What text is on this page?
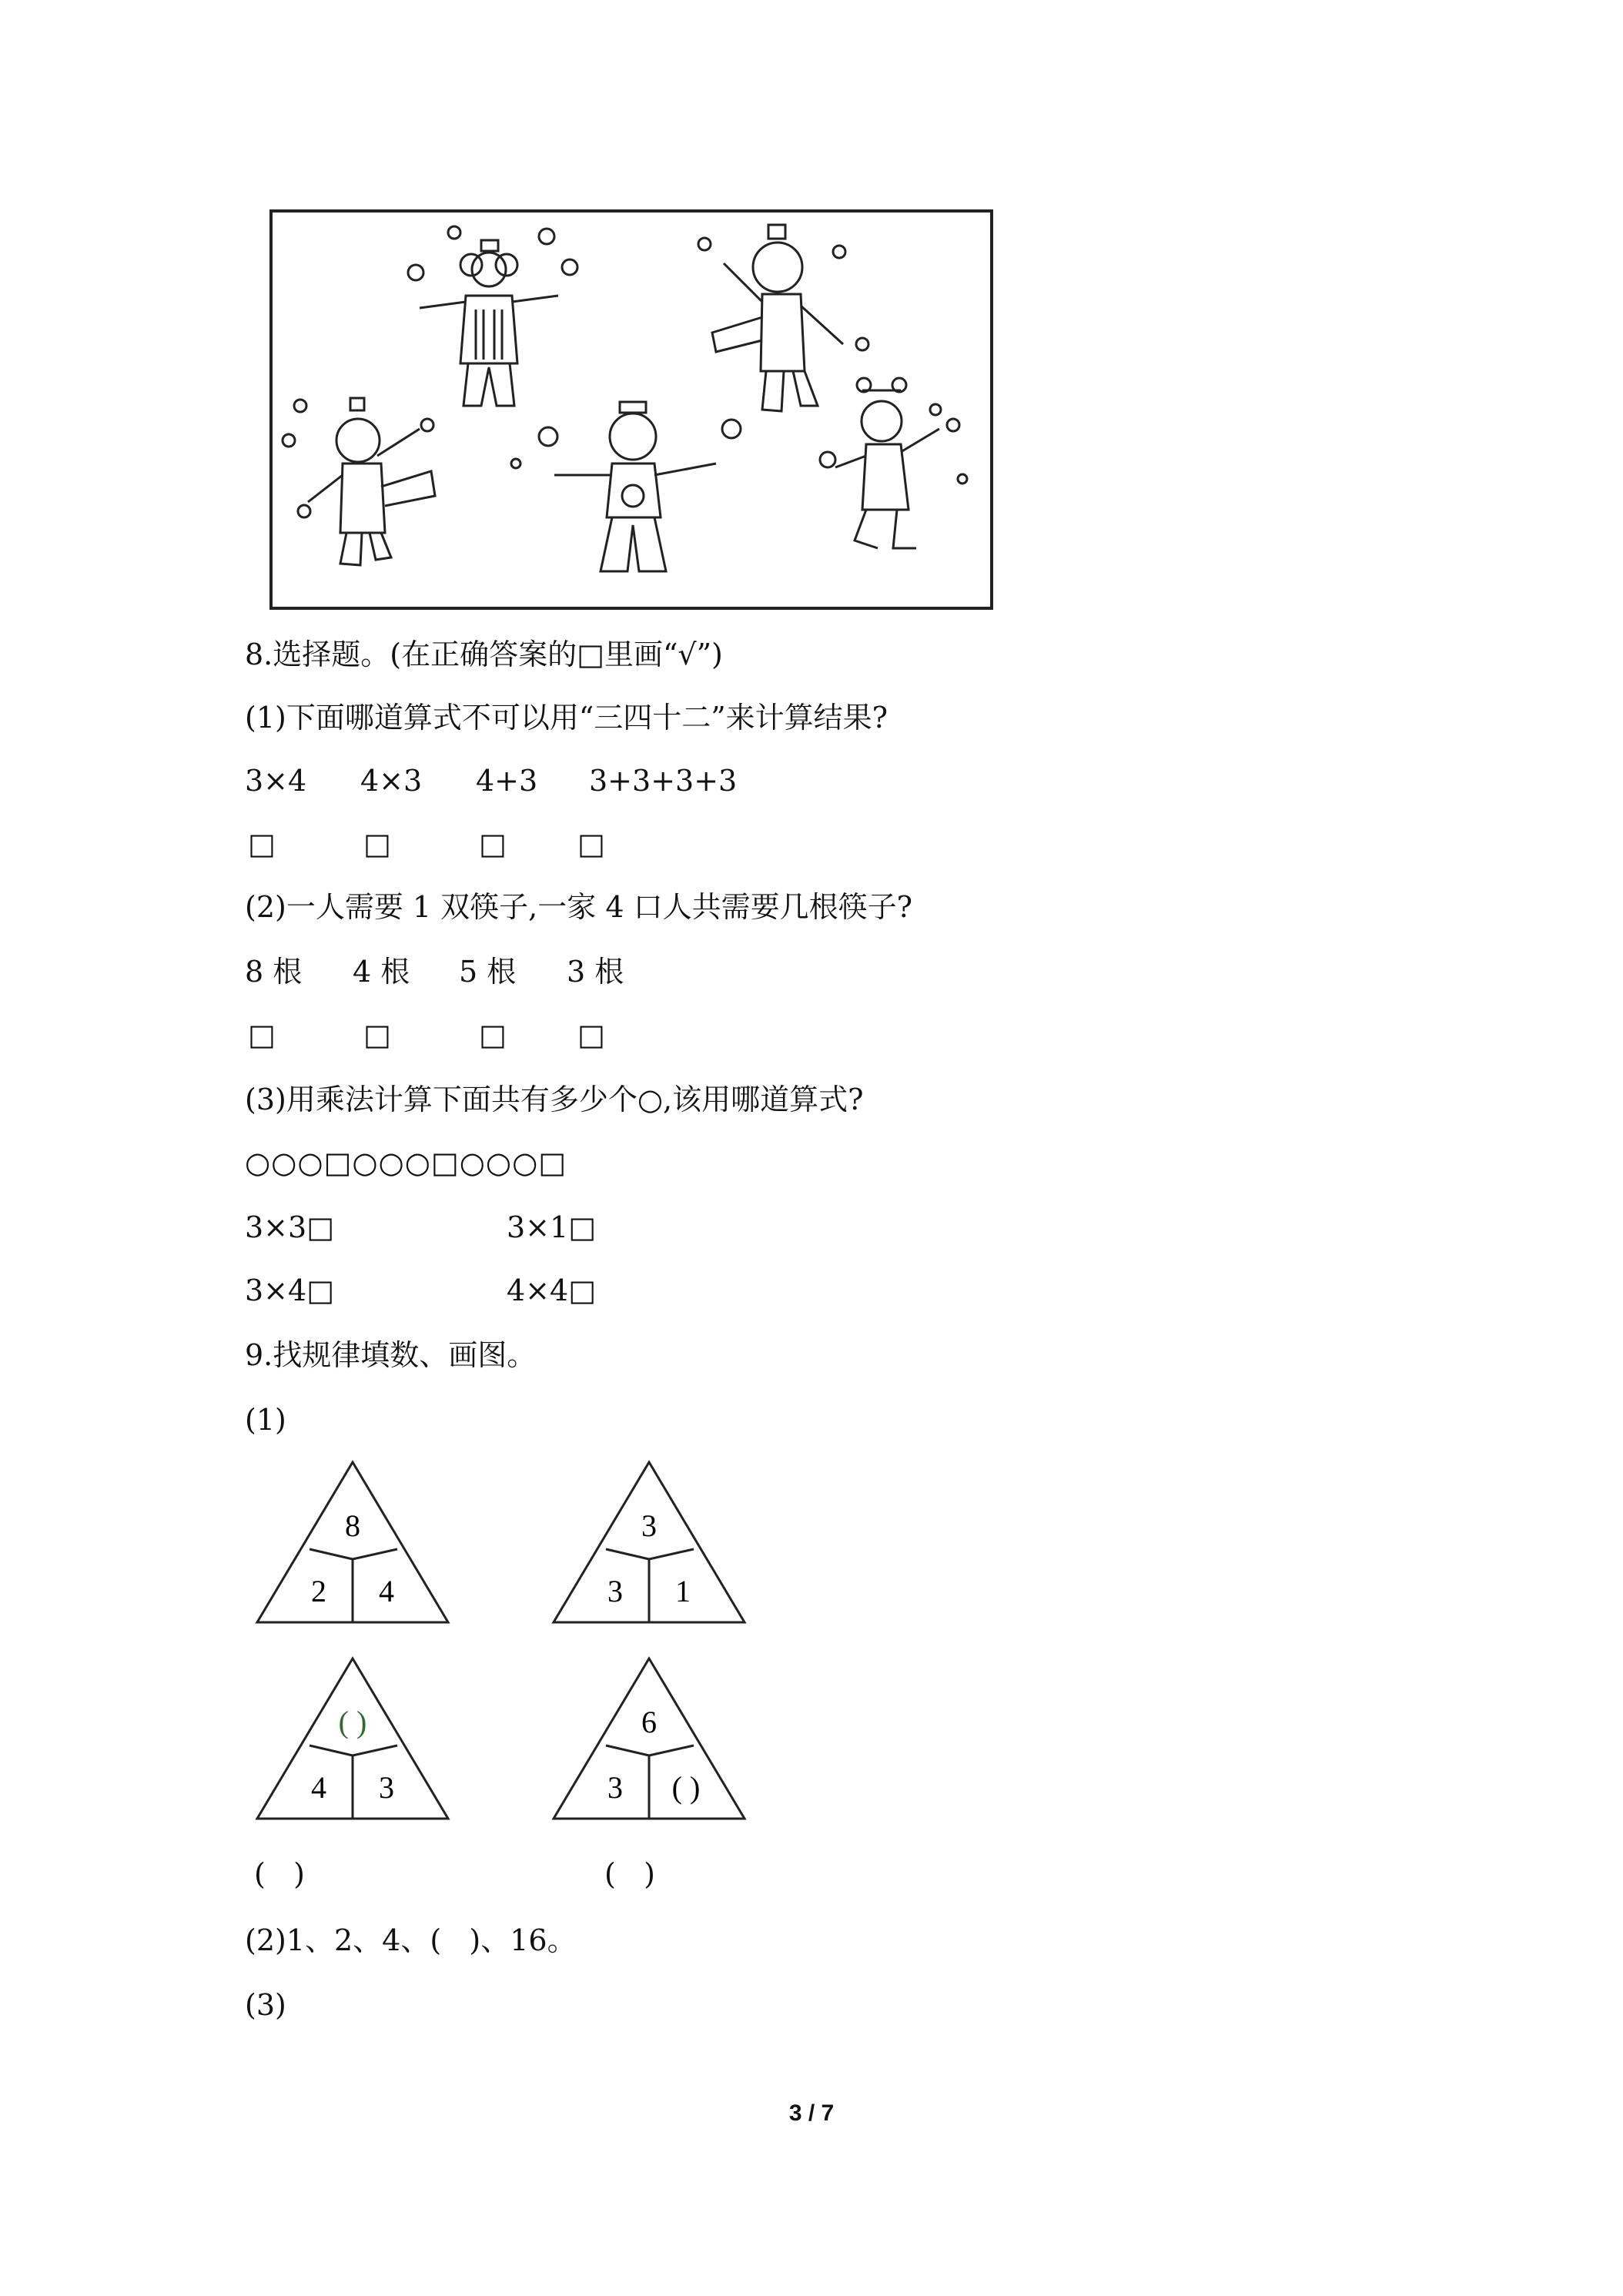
8.选择题。(在正确答案的□里画“√”)
(1)下面哪道算式不可以用“三四十二”来计算结果?
3×4 4×3 4+3 3+3+3+3
□	□	□ □
(2)一人需要 1 双筷子,一家 4 口人共需要几根筷子?
8 根 4 根 5 根 3 根
□	□	□ □
(3)用乘法计算下面共有多少个○,该用哪道算式?
○○○□○○○□○○○□
3×3□	3×1□
3×4□	4×4□
9.找规律填数、画图。
(1)
8
2 4
3
3 1
( )
4 3
6
3 ( )
(   )	(   )
(2)1、2、4、(   )、16。
(3)
3 / 7
